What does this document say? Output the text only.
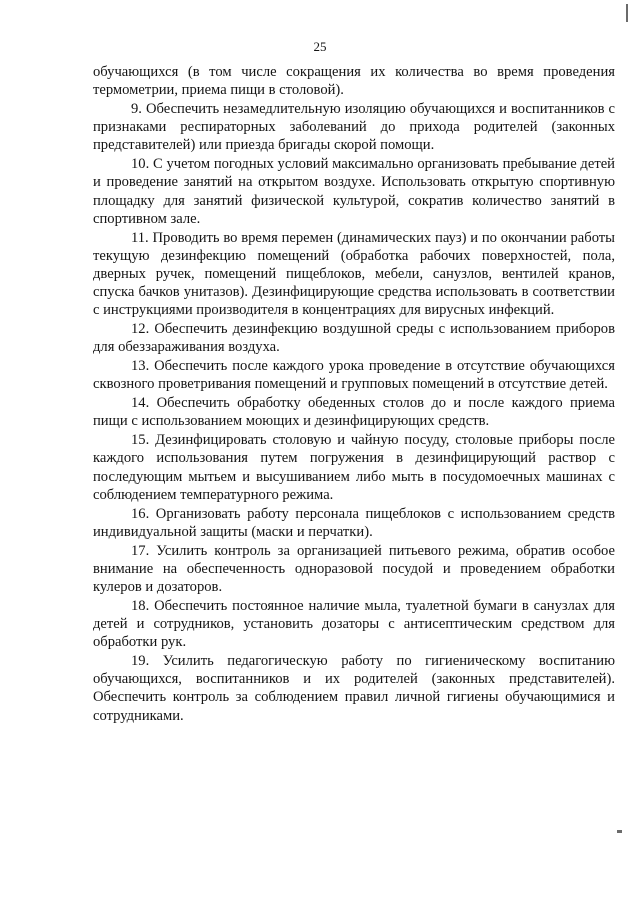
25

обучающихся (в том числе сокращения их количества во время проведения термометрии, приема пищи в столовой).

9. Обеспечить незамедлительную изоляцию обучающихся и воспитанников с признаками респираторных заболеваний до прихода родителей (законных представителей) или приезда бригады скорой помощи.

10. С учетом погодных условий максимально организовать пребывание детей и проведение занятий на открытом воздухе. Использовать открытую спортивную площадку для занятий физической культурой, сократив количество занятий в спортивном зале.

11. Проводить во время перемен (динамических пауз) и по окончании работы текущую дезинфекцию помещений (обработка рабочих поверхностей, пола, дверных ручек, помещений пищеблоков, мебели, санузлов, вентилей кранов, спуска бачков унитазов). Дезинфицирующие средства использовать в соответствии с инструкциями производителя в концентрациях для вирусных инфекций.

12. Обеспечить дезинфекцию воздушной среды с использованием приборов для обеззараживания воздуха.

13. Обеспечить после каждого урока проведение в отсутствие обучающихся сквозного проветривания помещений и групповых помещений в отсутствие детей.

14. Обеспечить обработку обеденных столов до и после каждого приема пищи с использованием моющих и дезинфицирующих средств.

15. Дезинфицировать столовую и чайную посуду, столовые приборы после каждого использования путем погружения в дезинфицирующий раствор с последующим мытьем и высушиванием либо мыть в посудомоечных машинах с соблюдением температурного режима.

16. Организовать работу персонала пищеблоков с использованием средств индивидуальной защиты (маски и перчатки).

17. Усилить контроль за организацией питьевого режима, обратив особое внимание на обеспеченность одноразовой посудой и проведением обработки кулеров и дозаторов.

18. Обеспечить постоянное наличие мыла, туалетной бумаги в санузлах для детей и сотрудников, установить дозаторы с антисептическим средством для обработки рук.

19. Усилить педагогическую работу по гигиеническому воспитанию обучающихся, воспитанников и их родителей (законных представителей). Обеспечить контроль за соблюдением правил личной гигиены обучающимися и сотрудниками.
